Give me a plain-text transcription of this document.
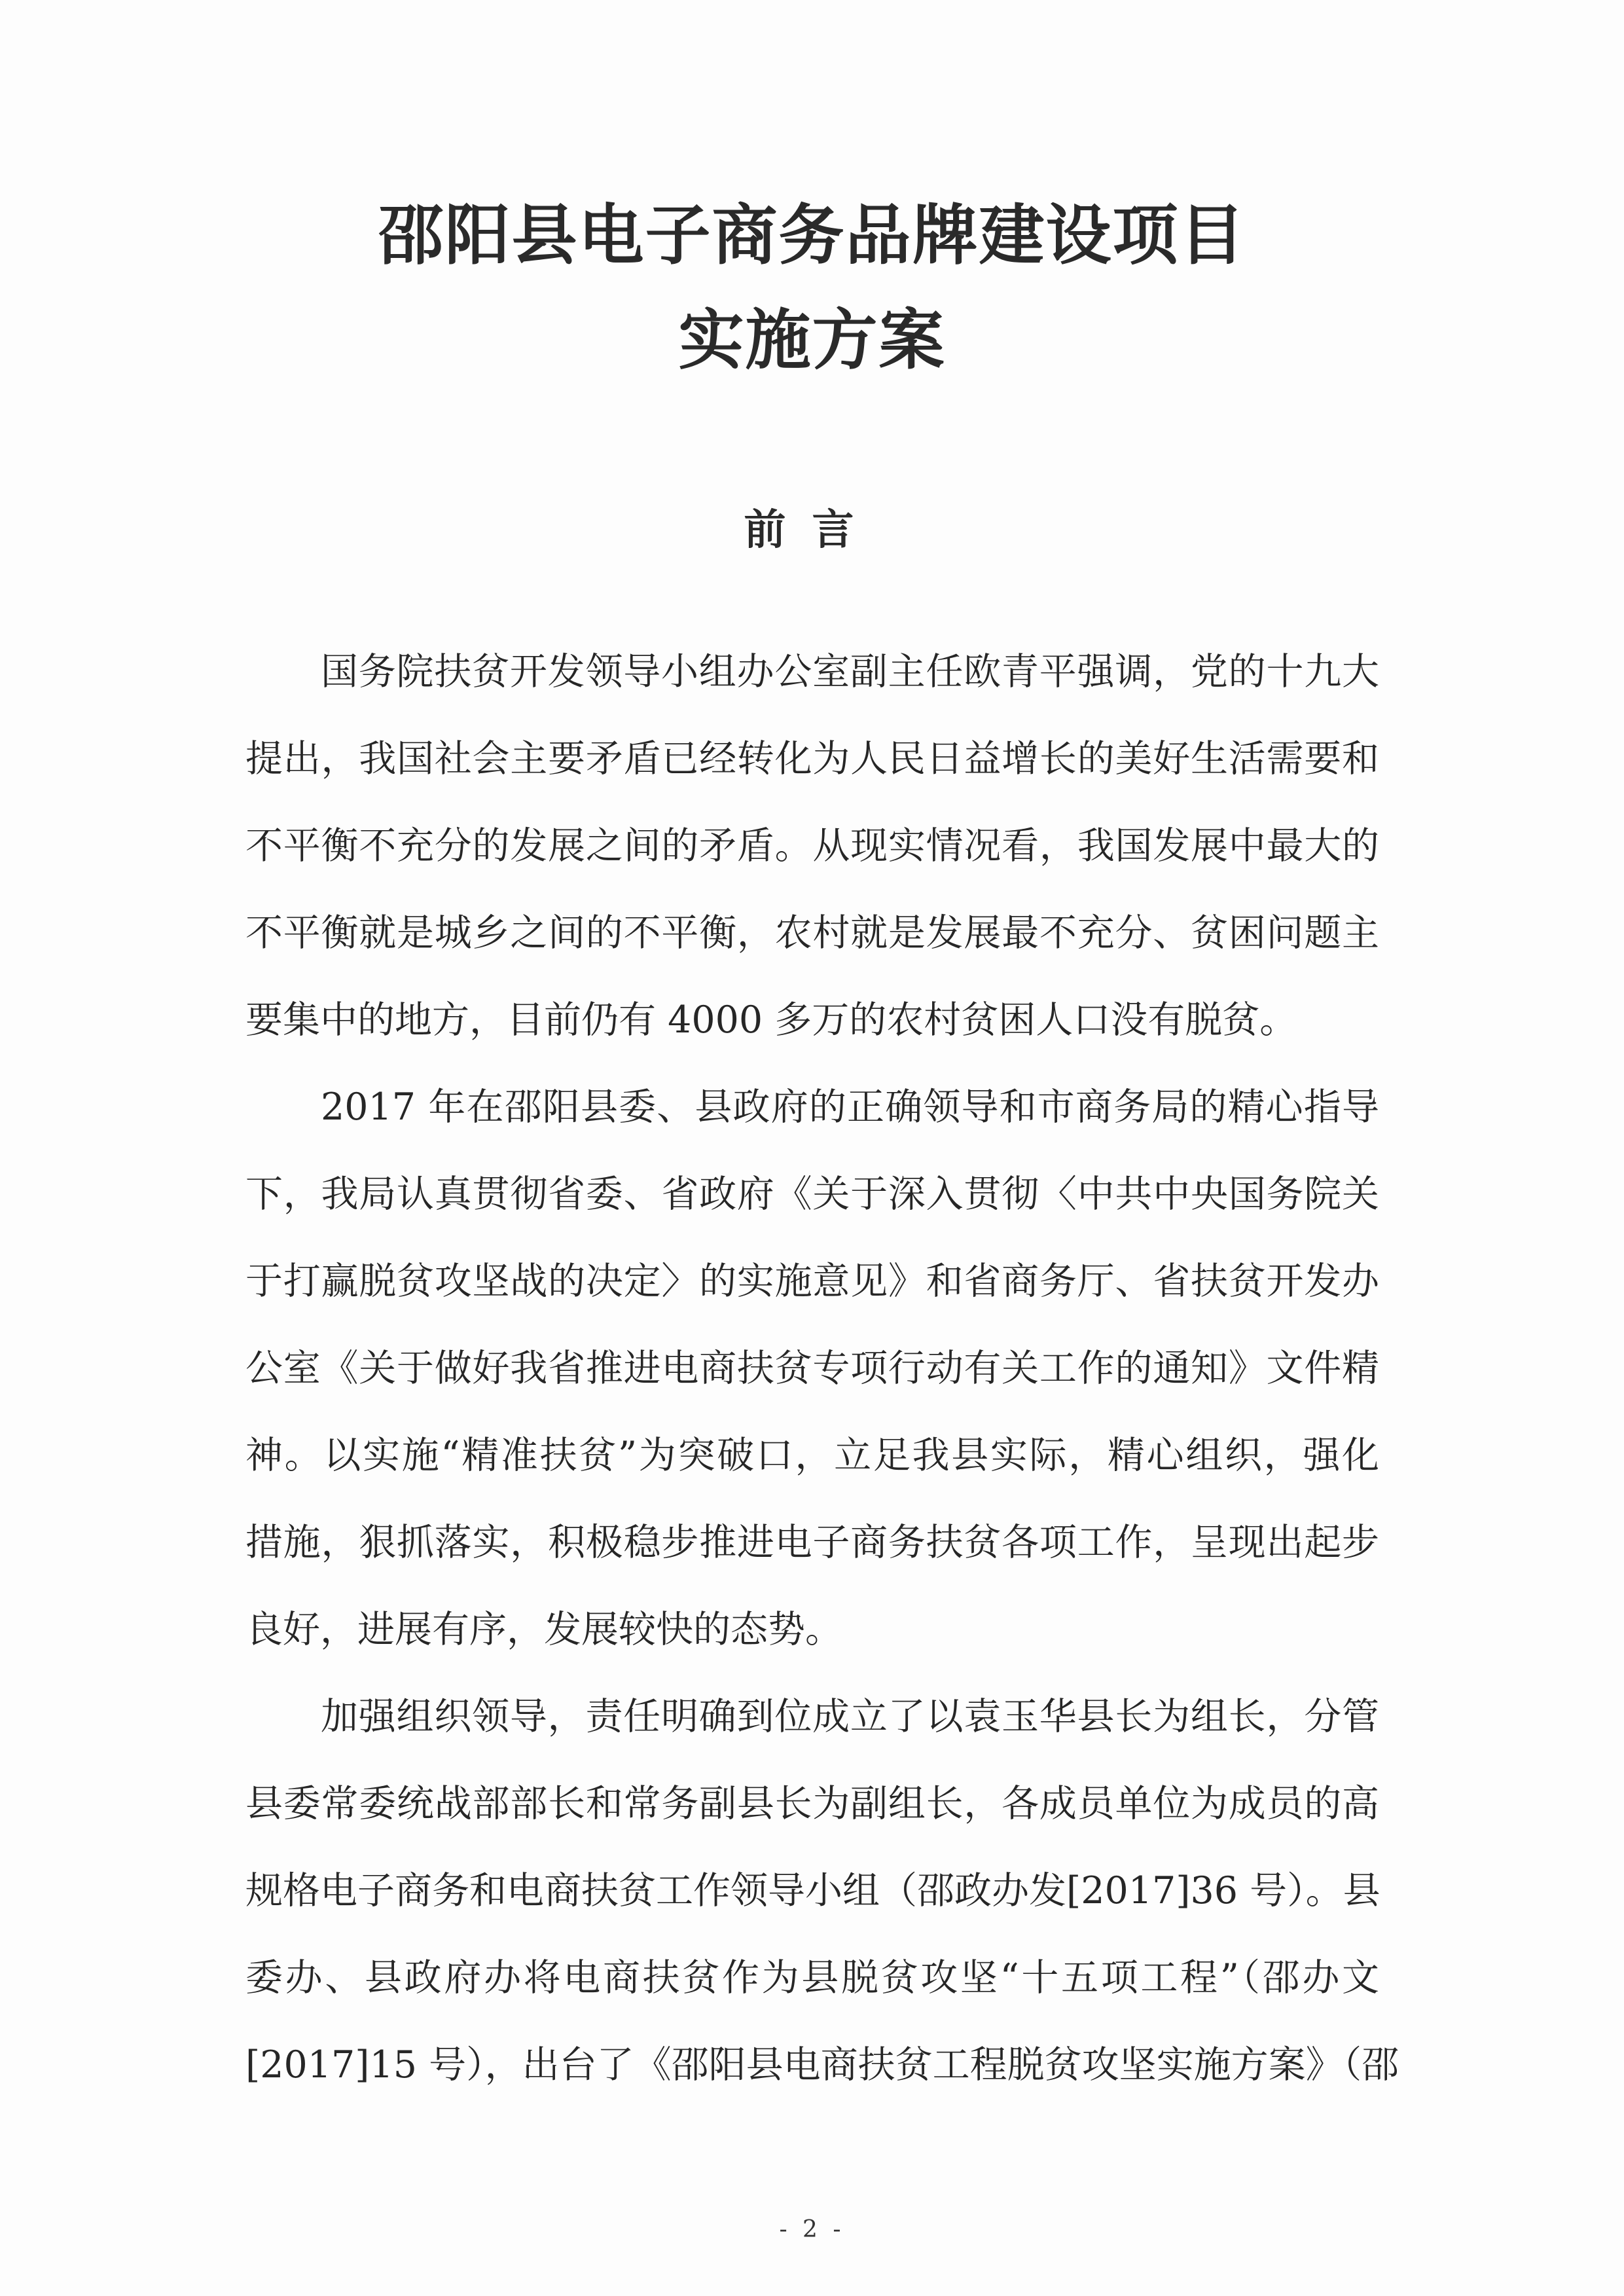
邵阳县电子商务品牌建设项目
实施方案
前言
国务院扶贫开发领导小组办公室副主任欧青平强调，党的十九大
提出，我国社会主要矛盾已经转化为人民日益增长的美好生活需要和
不平衡不充分的发展之间的矛盾。从现实情况看，我国发展中最大的
不平衡就是城乡之间的不平衡，农村就是发展最不充分、贫困问题主
要集中的地方，目前仍有 4000 多万的农村贫困人口没有脱贫。
2017 年在邵阳县委、县政府的正确领导和市商务局的精心指导
下，我局认真贯彻省委、省政府《关于深入贯彻〈中共中央国务院关
于打赢脱贫攻坚战的决定〉的实施意见》和省商务厅、省扶贫开发办
公室《关于做好我省推进电商扶贫专项行动有关工作的通知》文件精
神。以实施“精准扶贫”为突破口，立足我县实际，精心组织，强化
措施，狠抓落实，积极稳步推进电子商务扶贫各项工作，呈现出起步
良好，进展有序，发展较快的态势。
加强组织领导，责任明确到位成立了以袁玉华县长为组长，分管
县委常委统战部部长和常务副县长为副组长，各成员单位为成员的高
规格电子商务和电商扶贫工作领导小组（邵政办发[2017]36 号）。县
委办、县政府办将电商扶贫作为县脱贫攻坚“十五项工程”（邵办文
[2017]15 号），出台了《邵阳县电商扶贫工程脱贫攻坚实施方案》（邵
- 2 -
